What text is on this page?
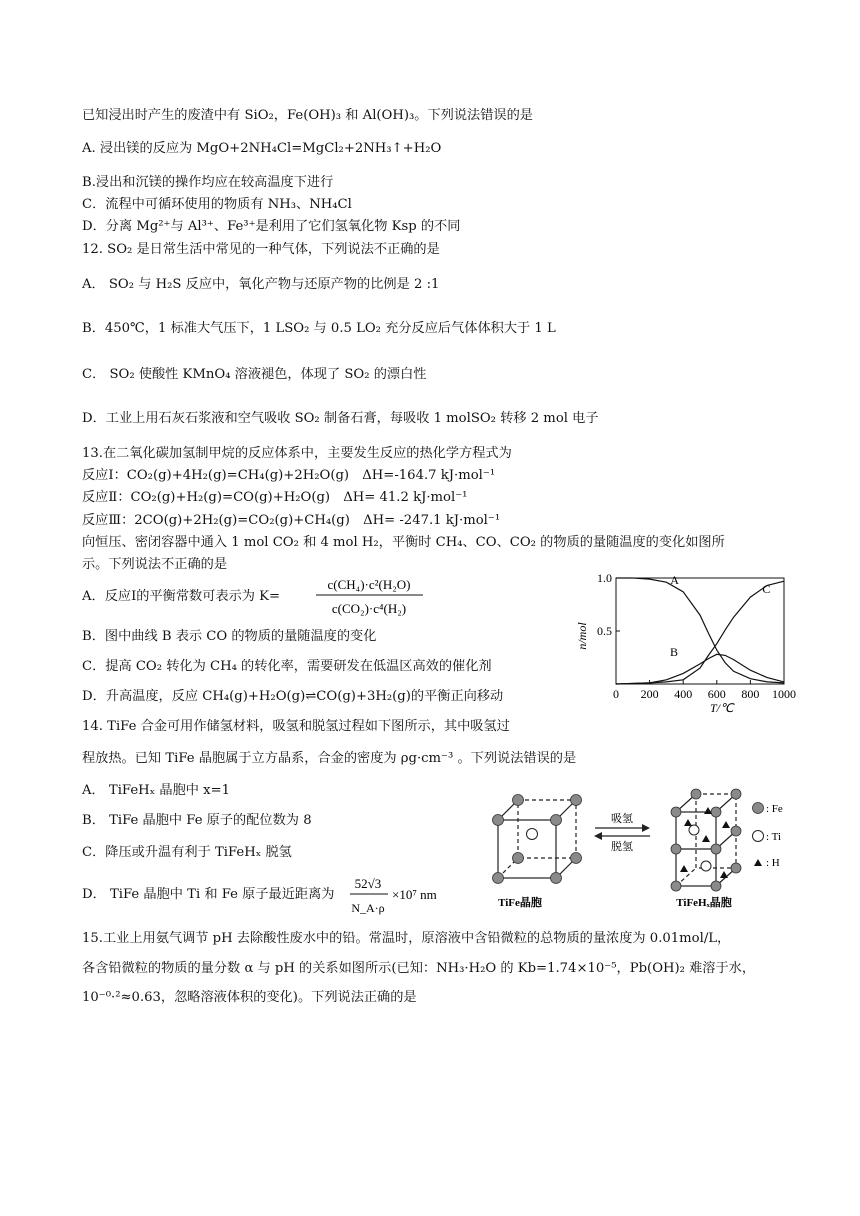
已知浸出时产生的废渣中有 SiO₂，Fe(OH)₃ 和 Al(OH)₃。下列说法错误的是
A. 浸出镁的反应为 MgO+2NH₄Cl=MgCl₂+2NH₃↑+H₂O
B.浸出和沉镁的操作均应在较高温度下进行
C．流程中可循环使用的物质有 NH₃、NH₄Cl
D．分离 Mg²⁺与 Al³⁺、Fe³⁺是利用了它们氢氧化物 Ksp 的不同
12. SO₂ 是日常生活中常见的一种气体，下列说法不正确的是
A． SO₂ 与 H₂S 反应中，氧化产物与还原产物的比例是 2 :1
B．450℃，1 标准大气压下，1 LSO₂ 与 0.5 LO₂ 充分反应后气体体积大于 1 L
C． SO₂ 使酸性 KMnO₄ 溶液褪色，体现了 SO₂ 的漂白性
D．工业上用石灰石浆液和空气吸收 SO₂ 制备石膏，每吸收 1 molSO₂ 转移 2 mol 电子
13.在二氧化碳加氢制甲烷的反应体系中，主要发生反应的热化学方程式为
反应Ⅰ：CO₂(g)+4H₂(g)=CH₄(g)+2H₂O(g)　ΔH=-164.7 kJ·mol⁻¹
反应Ⅱ：CO₂(g)+H₂(g)=CO(g)+H₂O(g)　ΔH= 41.2 kJ·mol⁻¹
反应Ⅲ：2CO(g)+2H₂(g)=CO₂(g)+CH₄(g)　ΔH= -247.1 kJ·mol⁻¹
向恒压、密闭容器中通入 1 mol CO₂ 和 4 mol H₂，平衡时 CH₄、CO、CO₂ 的物质的量随温度的变化如图所
示。下列说法不正确的是
A．反应Ⅰ的平衡常数可表示为 K=
B．图中曲线 B 表示 CO 的物质的量随温度的变化
C．提高 CO₂ 转化为 CH₄ 的转化率，需要研发在低温区高效的催化剂
D．升高温度，反应 CH₄(g)+H₂O(g)⇌CO(g)+3H₂(g)的平衡正向移动
14. TiFe 合金可用作储氢材料，吸氢和脱氢过程如下图所示，其中吸氢过
程放热。已知 TiFe 晶胞属于立方晶系，合金的密度为 ρg·cm⁻³ 。下列说法错误的是
A． TiFeHₓ 晶胞中 x=1
B． TiFe 晶胞中 Fe 原子的配位数为 8
C．降压或升温有利于 TiFeHₓ 脱氢
D． TiFe 晶胞中 Ti 和 Fe 原子最近距离为
15.工业上用氨气调节 pH 去除酸性废水中的铅。常温时，原溶液中含铅微粒的总物质的量浓度为 0.01mol/L，
各含铅微粒的物质的量分数 α 与 pH 的关系如图所示(已知：NH₃·H₂O 的 Kb=1.74×10⁻⁵，Pb(OH)₂ 难溶于水，
10⁻⁰·²≈0.63，忽略溶液体积的变化)。下列说法正确的是
c(CH₄)·c²(H₂O)
c(CO₂)·c⁴(H₂)
52√3
N_A·ρ
×10⁷ nm
0 200 400 600 800 1000
0.5
1.0	A
B
C
T/℃
n/mol
吸氢
脱氢
: Fe
: Ti
: H
TiFe晶胞	TiFeHₓ晶胞
